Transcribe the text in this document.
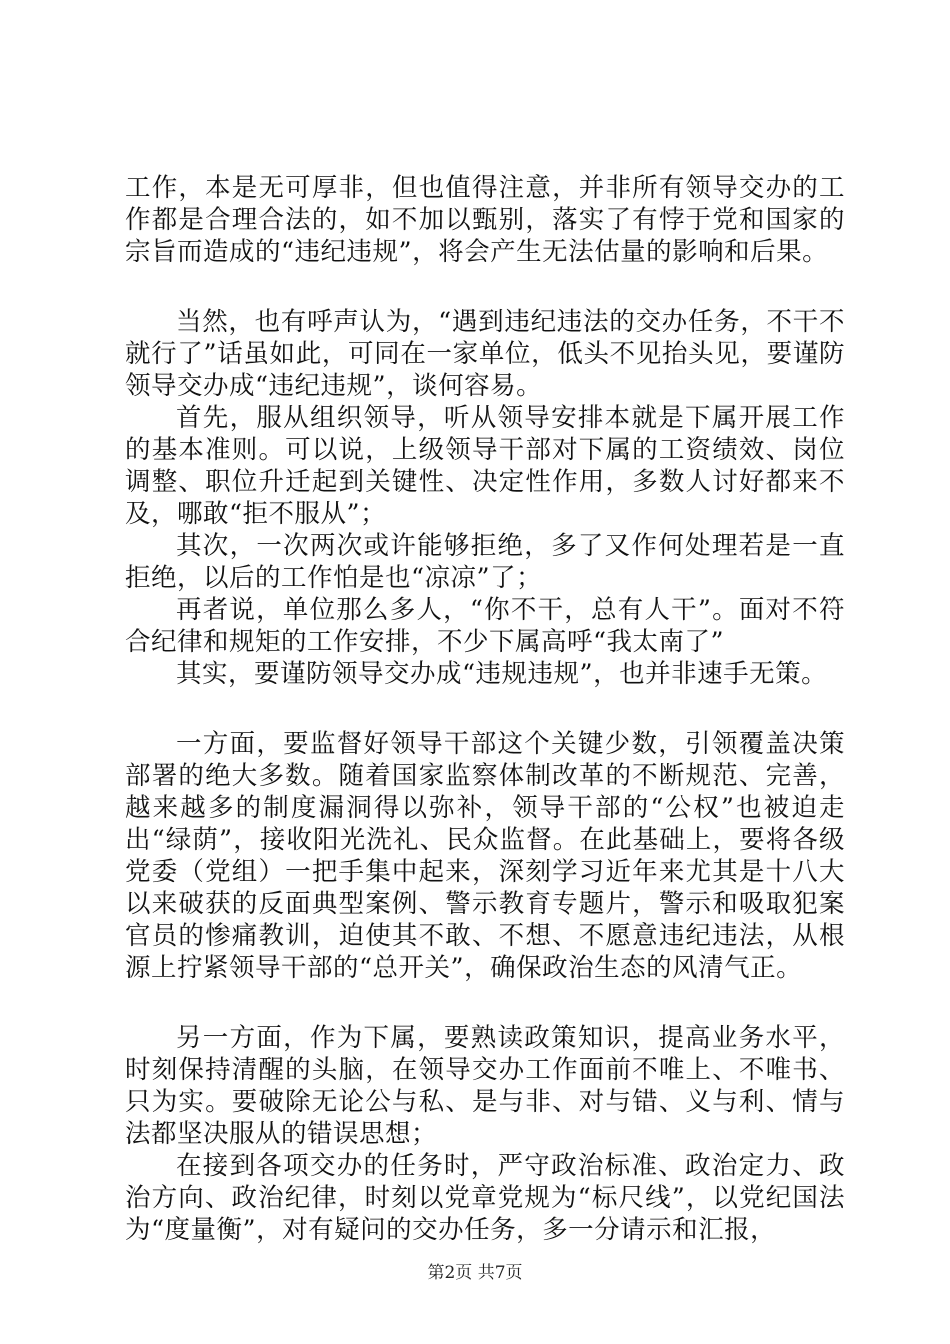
工作，本是无可厚非，但也值得注意，并非所有领导交办的工作都是合理合法的，如不加以甄别，落实了有悖于党和国家的宗旨而造成的“违纪违规”，将会产生无法估量的影响和后果。

当然，也有呼声认为，“遇到违纪违法的交办任务，不干不就行了”话虽如此，可同在一家单位，低头不见抬头见，要谨防领导交办成“违纪违规”，谈何容易。

首先，服从组织领导，听从领导安排本就是下属开展工作的基本准则。可以说，上级领导干部对下属的工资绩效、岗位调整、职位升迁起到关键性、决定性作用，多数人讨好都来不及，哪敢“拒不服从”；

其次，一次两次或许能够拒绝，多了又作何处理若是一直拒绝，以后的工作怕是也“凉凉”了；

再者说，单位那么多人，“你不干，总有人干”。面对不符合纪律和规矩的工作安排，不少下属高呼“我太南了”

其实，要谨防领导交办成“违规违规”，也并非速手无策。

一方面，要监督好领导干部这个关键少数，引领覆盖决策部署的绝大多数。随着国家监察体制改革的不断规范、完善，越来越多的制度漏洞得以弥补，领导干部的“公权”也被迫走出“绿荫”，接收阳光洗礼、民众监督。在此基础上，要将各级党委（党组）一把手集中起来，深刻学习近年来尤其是十八大以来破获的反面典型案例、警示教育专题片，警示和吸取犯案官员的惨痛教训，迫使其不敢、不想、不愿意违纪违法，从根源上拧紧领导干部的“总开关”，确保政治生态的风清气正。

另一方面，作为下属，要熟读政策知识，提高业务水平，时刻保持清醒的头脑，在领导交办工作面前不唯上、不唯书、只为实。要破除无论公与私、是与非、对与错、义与利、情与法都坚决服从的错误思想；

在接到各项交办的任务时，严守政治标准、政治定力、政治方向、政治纪律，时刻以党章党规为“标尺线”，以党纪国法为“度量衡”，对有疑问的交办任务，多一分请示和汇报，

第2页 共7页
